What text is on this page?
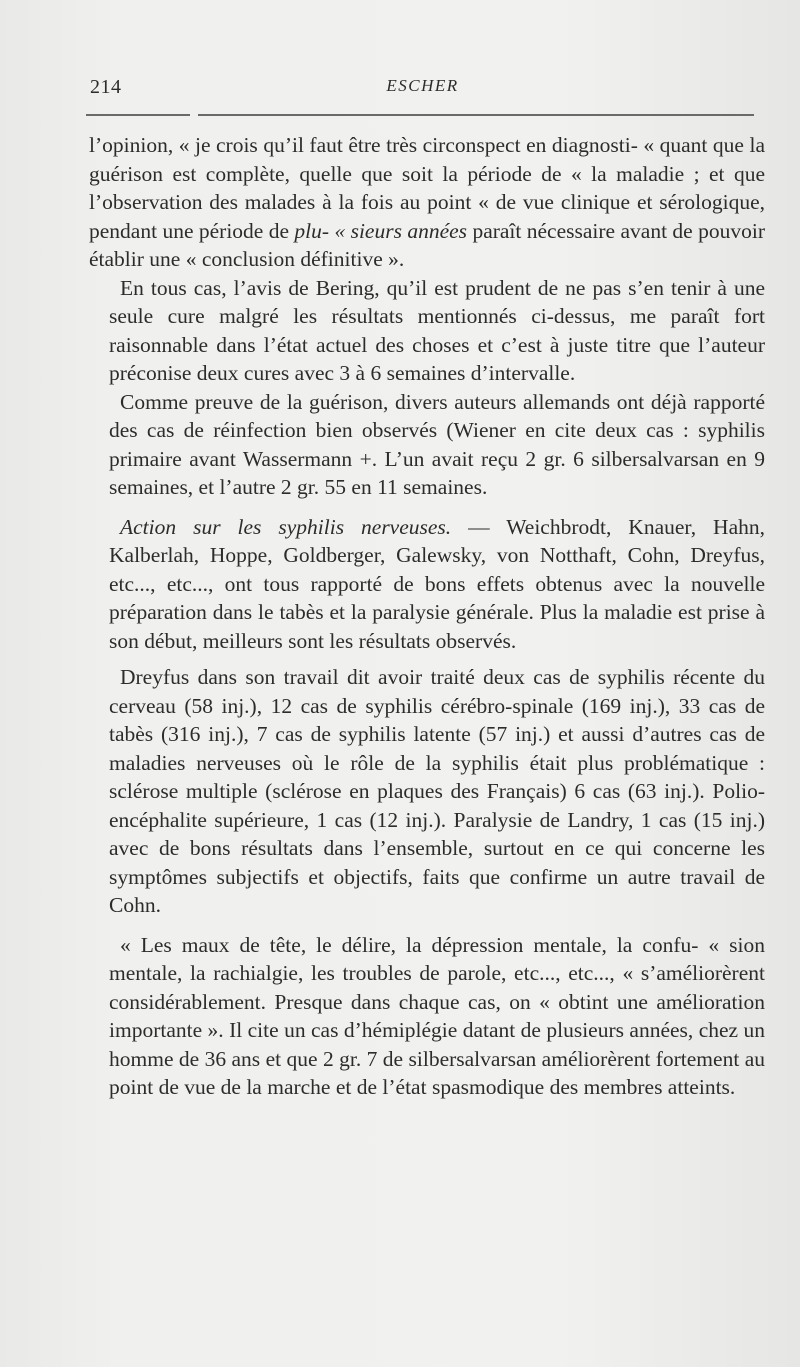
214	ESCHER

l’opinion, « je crois qu’il faut être très circonspect en diagnosti- « quant que la guérison est complète, quelle que soit la période de « la maladie ; et que l’observation des malades à la fois au point « de vue clinique et sérologique, pendant une période de plu- « sieurs années paraît nécessaire avant de pouvoir établir une « conclusion définitive ».

En tous cas, l’avis de Bering, qu’il est prudent de ne pas s’en tenir à une seule cure malgré les résultats mentionnés ci-dessus, me paraît fort raisonnable dans l’état actuel des choses et c’est à juste titre que l’auteur préconise deux cures avec 3 à 6 semaines d’intervalle.

Comme preuve de la guérison, divers auteurs allemands ont déjà rapporté des cas de réinfection bien observés (Wiener en cite deux cas : syphilis primaire avant Wassermann +. L’un avait reçu 2 gr. 6 silbersalvarsan en 9 semaines, et l’autre 2 gr. 55 en 11 semaines.

Action sur les syphilis nerveuses. — Weichbrodt, Knauer, Hahn, Kalberlah, Hoppe, Goldberger, Galewsky, von Notthaft, Cohn, Dreyfus, etc..., etc..., ont tous rapporté de bons effets obtenus avec la nouvelle préparation dans le tabès et la paralysie générale. Plus la maladie est prise à son début, meilleurs sont les résultats observés.

Dreyfus dans son travail dit avoir traité deux cas de syphilis récente du cerveau (58 inj.), 12 cas de syphilis cérébro-spinale (169 inj.), 33 cas de tabès (316 inj.), 7 cas de syphilis latente (57 inj.) et aussi d’autres cas de maladies nerveuses où le rôle de la syphilis était plus problématique : sclérose multiple (sclérose en plaques des Français) 6 cas (63 inj.). Polio-encéphalite supérieure, 1 cas (12 inj.). Paralysie de Landry, 1 cas (15 inj.) avec de bons résultats dans l’ensemble, surtout en ce qui concerne les symptômes subjectifs et objectifs, faits que confirme un autre travail de Cohn.

« Les maux de tête, le délire, la dépression mentale, la confu- « sion mentale, la rachialgie, les troubles de parole, etc..., etc..., « s’améliorèrent considérablement. Presque dans chaque cas, on « obtint une amélioration importante ». Il cite un cas d’hémiplégie datant de plusieurs années, chez un homme de 36 ans et que 2 gr. 7 de silbersalvarsan améliorèrent fortement au point de vue de la marche et de l’état spasmodique des membres atteints.
